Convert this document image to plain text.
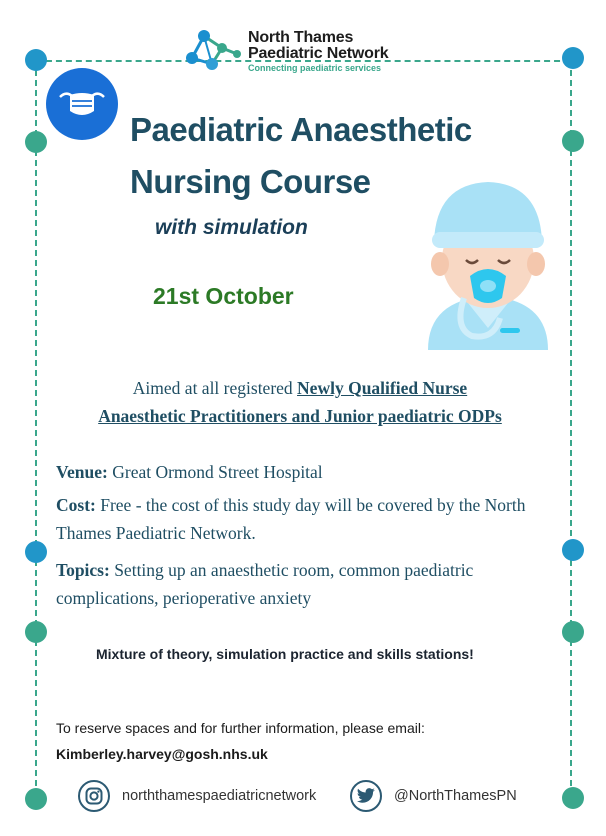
North Thames
Paediatric Network
Connecting paediatric services
Paediatric Anaesthetic
Nursing Course
with simulation
21st October
Aimed at all registered Newly Qualified Nurse
Anaesthetic Practitioners and Junior paediatric ODPs
Venue: Great Ormond Street Hospital
Cost: Free - the cost of this study day will be covered by the North Thames Paediatric Network.
Topics: Setting up an anaesthetic room, common paediatric complications, perioperative anxiety
Mixture of theory, simulation practice and skills stations!
To reserve spaces and for further information, please email:
Kimberley.harvey@gosh.nhs.uk
norththamespaediatricnetwork	@NorthThamesPN
